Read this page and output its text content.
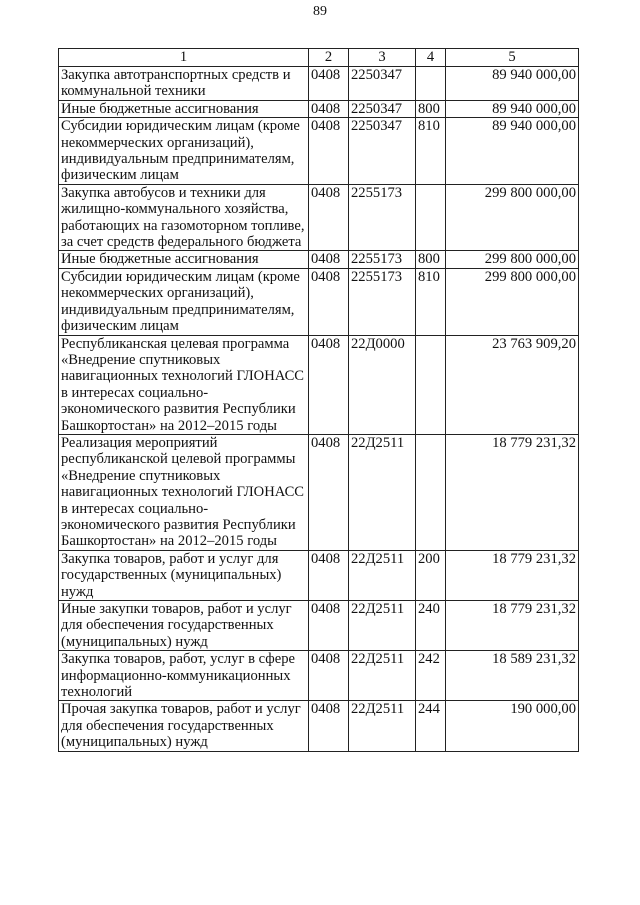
89
1	2	3	4	5
Закупка автотранспортных средств и коммунальной техники	0408	2250347		89 940 000,00
Иные бюджетные ассигнования	0408	2250347	800	89 940 000,00
Субсидии юридическим лицам (кроме некоммерческих организаций), индивидуальным предпринимателям, физическим лицам	0408	2250347	810	89 940 000,00
Закупка автобусов и техники для жилищно-коммунального хозяйства, работающих на газомоторном топливе, за счет средств федерального бюджета	0408	2255173		299 800 000,00
Иные бюджетные ассигнования	0408	2255173	800	299 800 000,00
Субсидии юридическим лицам (кроме некоммерческих организаций), индивидуальным предпринимателям, физическим лицам	0408	2255173	810	299 800 000,00
Республиканская целевая программа «Внедрение спутниковых навигационных технологий ГЛОНАСС в интересах социально-экономического развития Республики Башкортостан» на 2012–2015 годы	0408	22Д0000		23 763 909,20
Реализация мероприятий республиканской целевой программы «Внедрение спутниковых навигационных технологий ГЛОНАСС в интересах социально-экономического развития Республики Башкортостан» на 2012–2015 годы	0408	22Д2511		18 779 231,32
Закупка товаров, работ и услуг для государственных (муниципальных) нужд	0408	22Д2511	200	18 779 231,32
Иные закупки товаров, работ и услуг для обеспечения государственных (муниципальных) нужд	0408	22Д2511	240	18 779 231,32
Закупка товаров, работ, услуг в сфере информационно-коммуникационных технологий	0408	22Д2511	242	18 589 231,32
Прочая закупка товаров, работ и услуг для обеспечения государственных (муниципальных) нужд	0408	22Д2511	244	190 000,00
